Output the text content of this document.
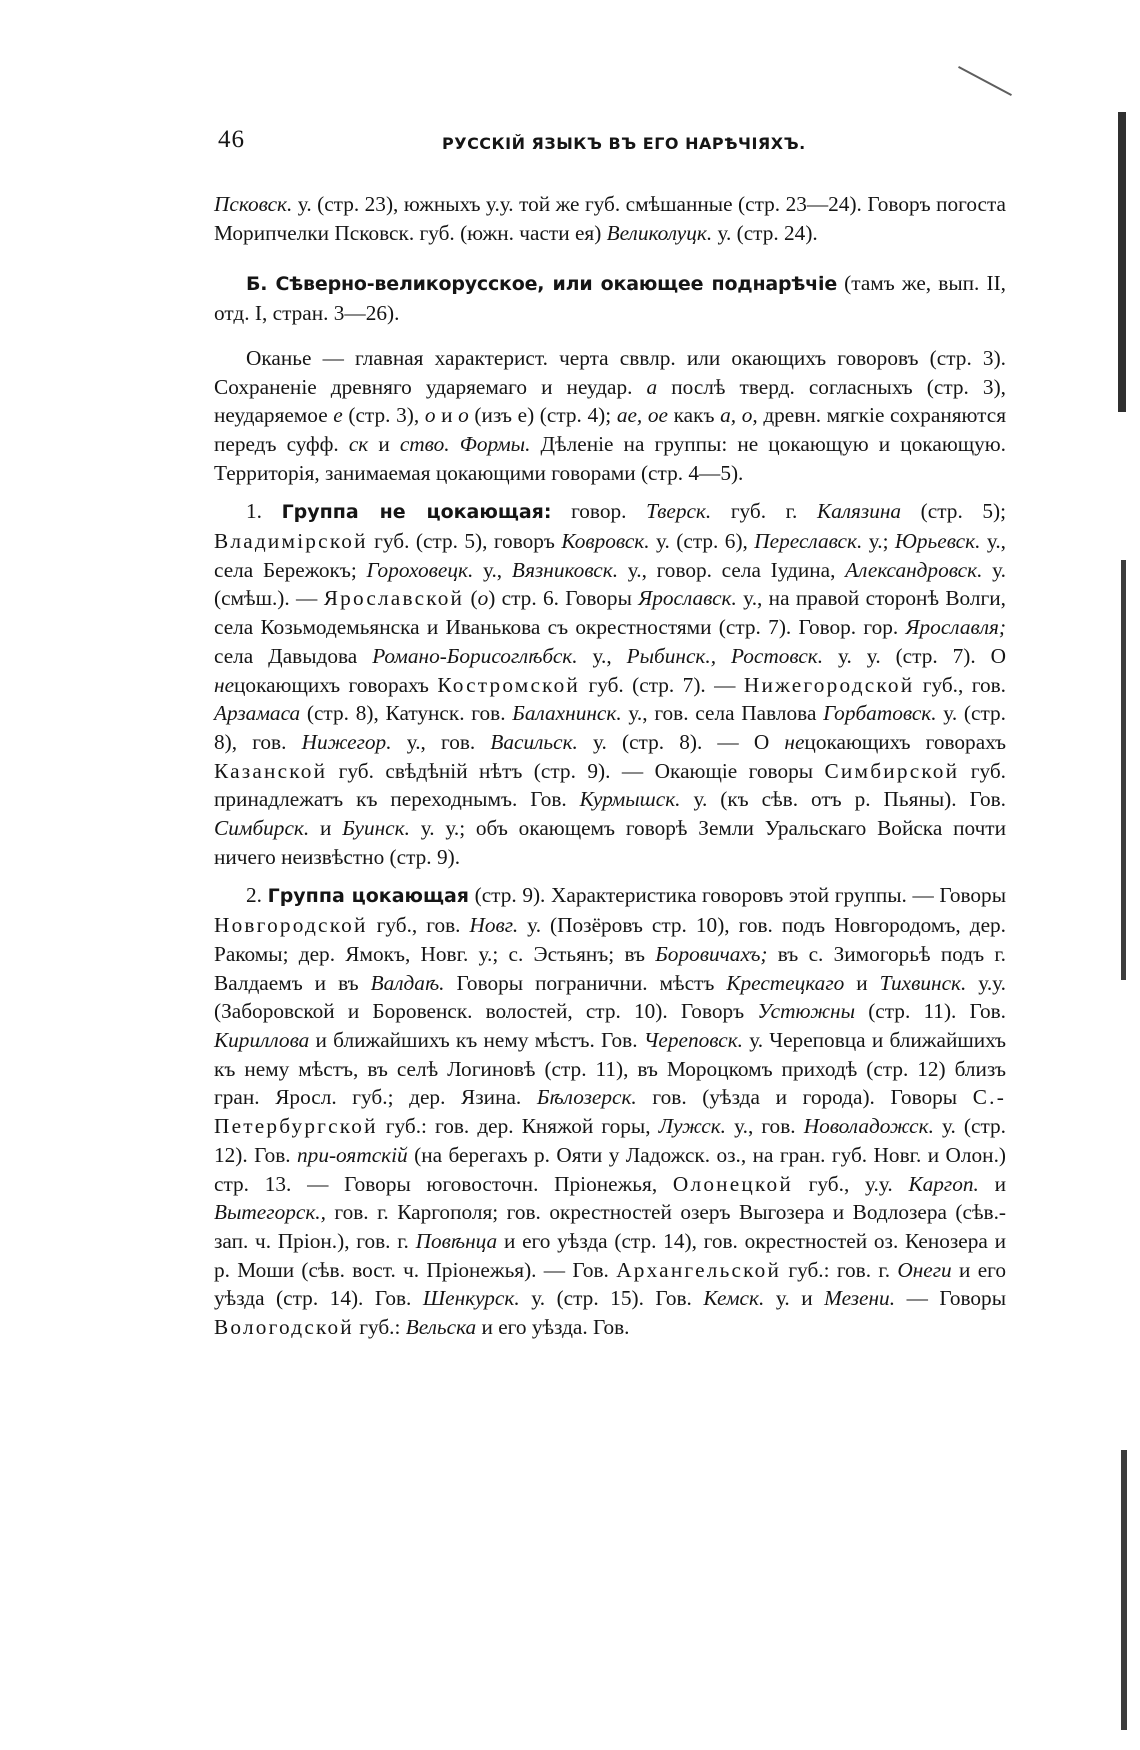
46	РУССКІЙ ЯЗЫКЪ ВЪ ЕГО НАРѢЧІЯХЪ.

Псковск. у. (стр. 23), южныхъ у.у. той же губ. смѣшанные (стр. 23—24). Говоръ погоста Морипчелки Псковск. губ. (южн. части ея) Великолуцк. у. (стр. 24).

Б. Сѣверно-великорусское, или окающее поднарѣчіе (тамъ же, вып. II, отд. I, стран. 3—26).

Оканье — главная характерист. черта сввлр. или окающихъ говоровъ (стр. 3). Сохраненіе древняго ударяемаго и неудар. а послѣ тверд. согласныхъ (стр. 3), неударяемое е (стр. 3), о и о (изъ е) (стр. 4); ае, ое какъ а, о, древн. мягкіе сохраняются передъ суфф. ск и ство. Формы. Дѣленіе на группы: не цокающую и цокающую. Территорія, занимаемая цокающими говорами (стр. 4—5).

1. Группа не цокающая: говор. Тверск. губ. г. Калязина (стр. 5); Владимірской губ. (стр. 5), говоръ Ковровск. у. (стр. 6), Переславск. у.; Юрьевск. у., села Бережокъ; Гороховецк. у., Вязниковск. у., говор. села Іудина, Александровск. у. (смѣш.). — Ярославской (о) стр. 6. Говоры Ярославск. у., на правой сторонѣ Волги, села Козьмодемьянска и Иванькова съ окрестностями (стр. 7). Говор. гор. Ярославля; села Давыдова Романо-Борисоглѣбск. у., Рыбинск., Ростовск. у. у. (стр. 7). О нецокающихъ говорахъ Костромской губ. (стр. 7). — Нижегородской губ., гов. Арзамаса (стр. 8), Катунск. гов. Балахнинск. у., гов. села Павлова Горбатовск. у. (стр. 8), гов. Нижегор. у., гов. Васильск. у. (стр. 8). — О нецокающихъ говорахъ Казанской губ. свѣдѣній нѣтъ (стр. 9). — Окающіе говоры Симбирской губ. принадлежатъ къ переходнымъ. Гов. Курмышск. у. (къ сѣв. отъ р. Пьяны). Гов. Симбирск. и Буинск. у. у.; объ окающемъ говорѣ Земли Уральскаго Войска почти ничего неизвѣстно (стр. 9).

2. Группа цокающая (стр. 9). Характеристика говоровъ этой группы. — Говоры Новгородской губ., гов. Новг. у. (Позёровъ стр. 10), гов. подъ Новгородомъ, дер. Ракомы; дер. Ямокъ, Новг. у.; с. Эстьянъ; въ Боровичахъ; въ с. Зимогорьѣ подъ г. Валдаемъ и въ Валдаѣ. Говоры погранични. мѣстъ Крестецкаго и Тихвинск. у.у. (Заборовской и Боровенск. волостей, стр. 10). Говоръ Устюжны (стр. 11). Гов. Кириллова и ближайшихъ къ нему мѣстъ. Гов. Череповск. у. Череповца и ближайшихъ къ нему мѣстъ, въ селѣ Логиновѣ (стр. 11), въ Мороцкомъ приходѣ (стр. 12) близъ гран. Яросл. губ.; дер. Язина. Бѣлозерск. гов. (уѣзда и города). Говоры С.-Петербургской губ.: гов. дер. Княжой горы, Лужск. у., гов. Новоладожск. у. (стр. 12). Гов. при-оятскій (на берегахъ р. Ояти у Ладожск. оз., на гран. губ. Новг. и Олон.) стр. 13. — Говоры юговосточн. Пріонежья, Олонецкой губ., у.у. Каргоп. и Вытегорск., гов. г. Каргополя; гов. окрестностей озеръ Выгозера и Водлозера (сѣв.-зап. ч. Пріон.), гов. г. Повѣнца и его уѣзда (стр. 14), гов. окрестностей оз. Кенозера и р. Моши (сѣв. вост. ч. Пріонежья). — Гов. Архангельской губ.: гов. г. Онеги и его уѣзда (стр. 14). Гов. Шенкурск. у. (стр. 15). Гов. Кемск. у. и Мезени. — Говоры Вологодской губ.: Вельска и его уѣзда. Гов.
